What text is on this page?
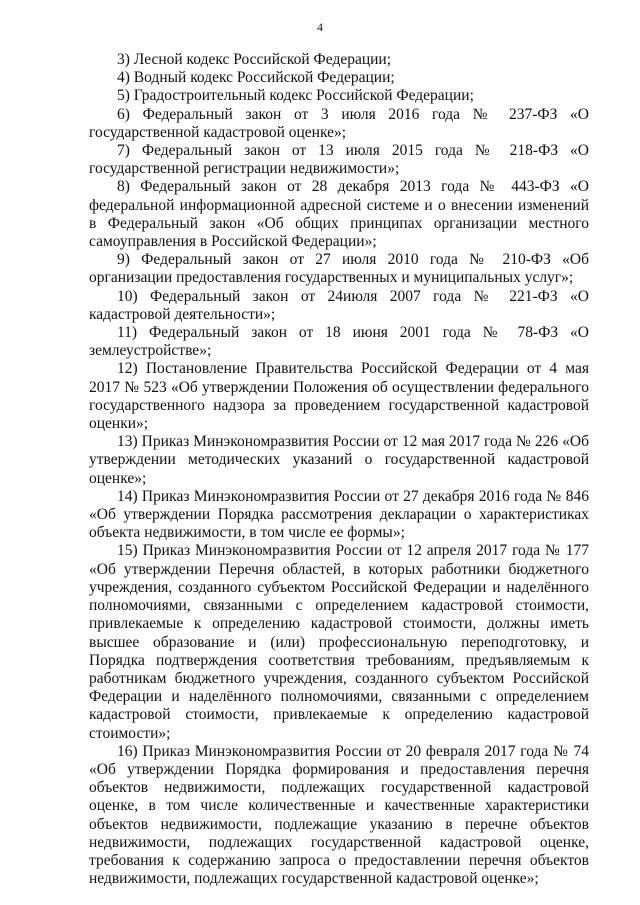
4

3) Лесной кодекс Российской Федерации;

4) Водный кодекс Российской Федерации;

5) Градостроительный кодекс Российской Федерации;

6) Федеральный закон от 3 июля 2016 года № 237-ФЗ «О государственной кадастровой оценке»;

7) Федеральный закон от 13 июля 2015 года № 218-ФЗ «О государственной регистрации недвижимости»;

8) Федеральный закон от 28 декабря 2013 года № 443-ФЗ «О федеральной информационной адресной системе и о внесении изменений в Федеральный закон «Об общих принципах организации местного самоуправления в Российской Федерации»;

9) Федеральный закон от 27 июля 2010 года № 210-ФЗ «Об организации предоставления государственных и муниципальных услуг»;

10) Федеральный закон от 24июля 2007 года № 221-ФЗ «О кадастровой деятельности»;

11) Федеральный закон от 18 июня 2001 года № 78-ФЗ «О землеустройстве»;

12) Постановление Правительства Российской Федерации от 4 мая 2017 № 523 «Об утверждении Положения об осуществлении федерального государственного надзора за проведением государственной кадастровой оценки»;

13) Приказ Минэкономразвития России от 12 мая 2017 года № 226 «Об утверждении методических указаний о государственной кадастровой оценке»;

14) Приказ Минэкономразвития России от 27 декабря 2016 года № 846 «Об утверждении Порядка рассмотрения декларации о характеристиках объекта недвижимости, в том числе ее формы»;

15) Приказ Минэкономразвития России от 12 апреля 2017 года № 177 «Об утверждении Перечня областей, в которых работники бюджетного учреждения, созданного субъектом Российской Федерации и наделённого полномочиями, связанными с определением кадастровой стоимости, привлекаемые к определению кадастровой стоимости, должны иметь высшее образование и (или) профессиональную переподготовку, и Порядка подтверждения соответствия требованиям, предъявляемым к работникам бюджетного учреждения, созданного субъектом Российской Федерации и наделённого полномочиями, связанными с определением кадастровой стоимости, привлекаемые к определению кадастровой стоимости»;

16) Приказ Минэкономразвития России от 20 февраля 2017 года № 74 «Об утверждении Порядка формирования и предоставления перечня объектов недвижимости, подлежащих государственной кадастровой оценке, в том числе количественные и качественные характеристики объектов недвижимости, подлежащие указанию в перечне объектов недвижимости, подлежащих государственной кадастровой оценке, требования к содержанию запроса о предоставлении перечня объектов недвижимости, подлежащих государственной кадастровой оценке»;
